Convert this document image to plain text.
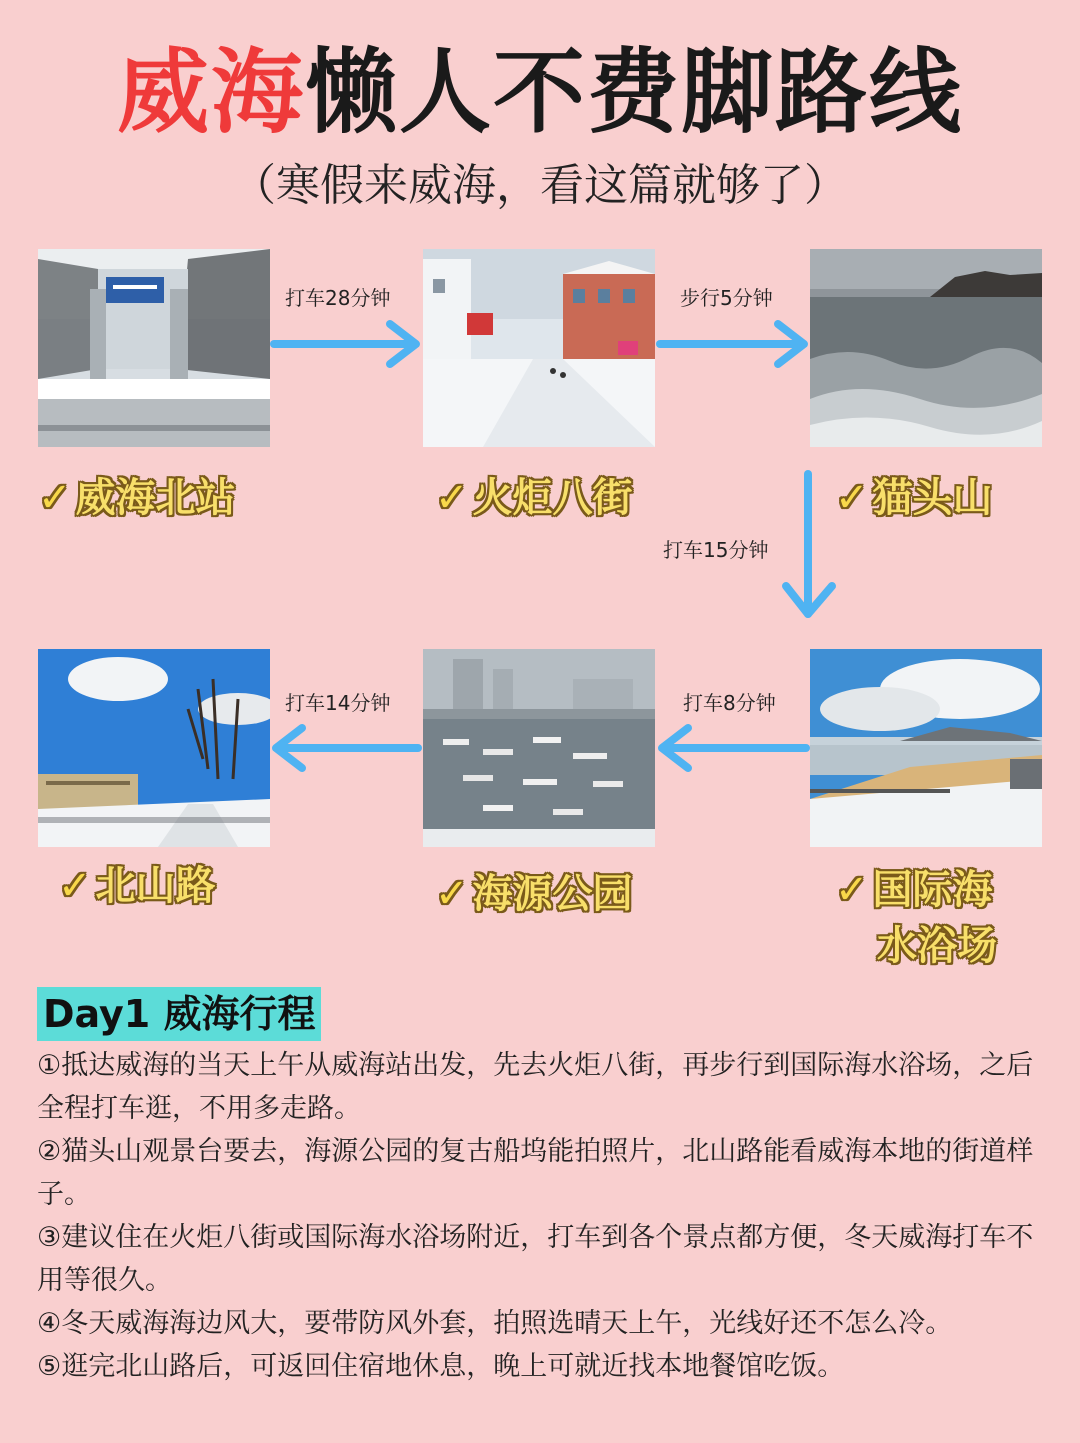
威海懒人不费脚路线
（寒假来威海，看这篇就够了）
✓ 威海北站	✓ 火炬八街	✓ 猫头山
✓ 国际海
水浴场
✓ 海源公园
✓ 北山路
打车28分钟	步行5分钟
打车15分钟
打车8分钟
打车14分钟
Day1 威海行程

①抵达威海的当天上午从威海站出发，先去火炬八街，再步行到国际海水浴场，之后全程打车逛，不用多走路。

②猫头山观景台要去，海源公园的复古船坞能拍照片，北山路能看威海本地的街道样子。

③建议住在火炬八街或国际海水浴场附近，打车到各个景点都方便，冬天威海打车不用等很久。

④冬天威海海边风大，要带防风外套，拍照选晴天上午，光线好还不怎么冷。

⑤逛完北山路后，可返回住宿地休息，晚上可就近找本地餐馆吃饭。
